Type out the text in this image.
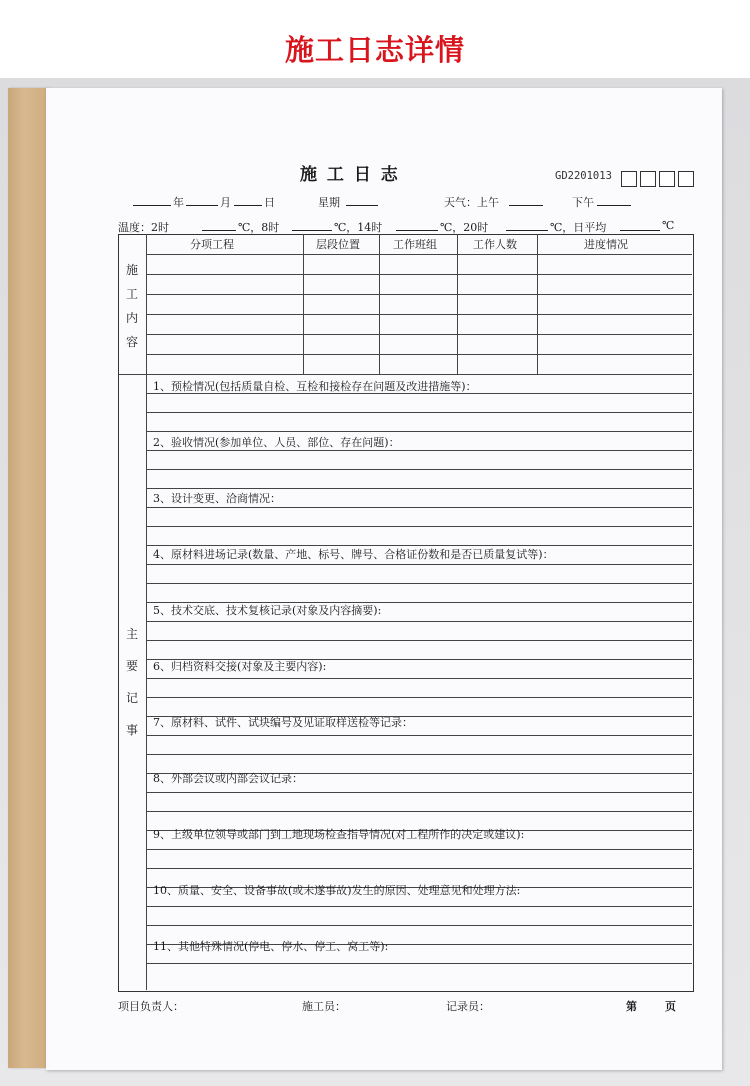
施工日志详情
施 工 日 志	GD2201013
年	月	日	星期	天气：上午	下午
温度：2时	℃，8时	℃，14时	℃，20时	℃，日平均	℃
分项工程	层段位置	工作班组	工作人数	进度情况
施
工
内
容
主
要
记
事
1、预检情况(包括质量自检、互检和接检存在问题及改进措施等)：
2、验收情况(参加单位、人员、部位、存在问题)：
3、设计变更、洽商情况：
4、原材料进场记录(数量、产地、标号、牌号、合格证份数和是否已质量复试等)：
5、技术交底、技术复核记录(对象及内容摘要):
6、归档资料交接(对象及主要内容):
7、原材料、试件、试块编号及见证取样送检等记录：
8、外部会议或内部会议记录：
9、上级单位领导或部门到工地现场检查指导情况(对工程所作的决定或建议):
10、质量、安全、设备事故(或未遂事故)发生的原因、处理意见和处理方法:
11、其他特殊情况(停电、停水、停工、窝工等):
项目负责人：	施工员：	记录员：	第	页
